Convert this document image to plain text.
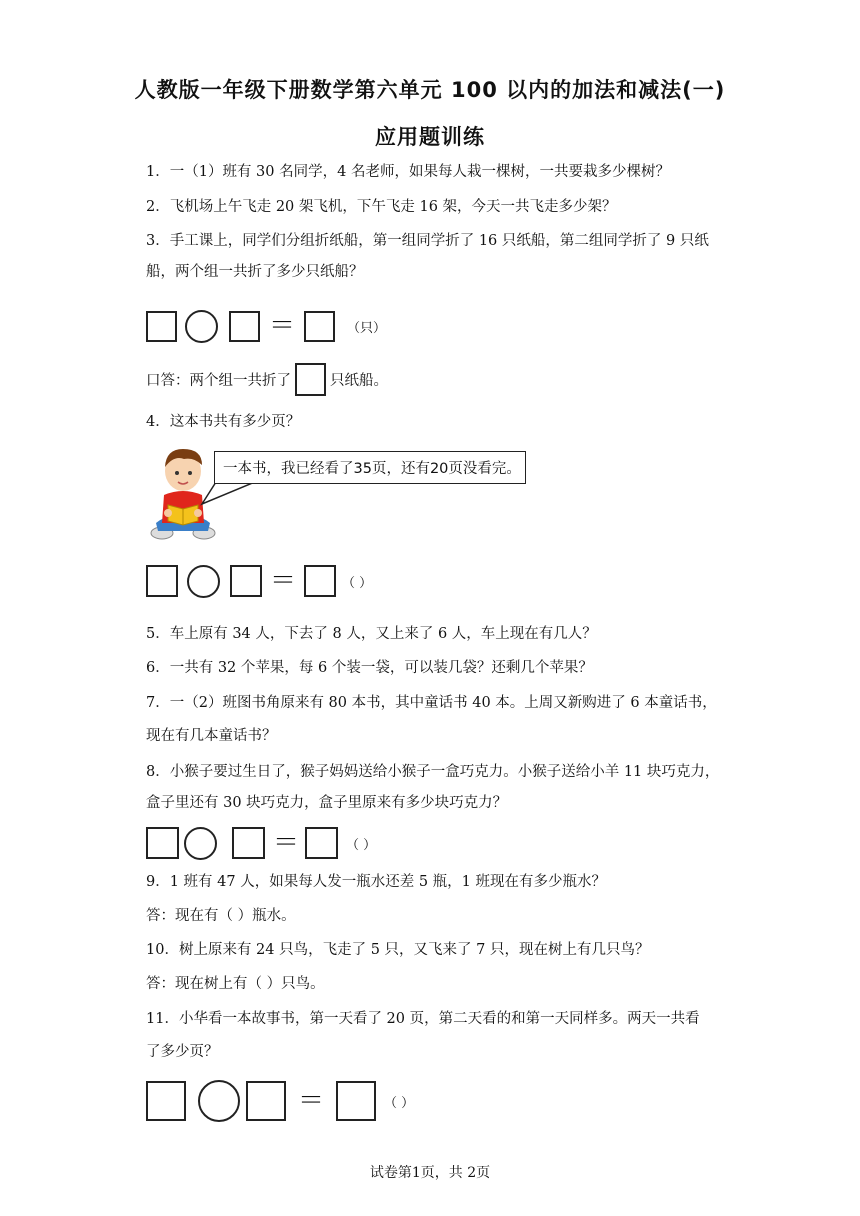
人教版一年级下册数学第六单元 100 以内的加法和减法(一)
应用题训练
1．一（1）班有 30 名同学，4 名老师，如果每人栽一棵树，一共要栽多少棵树？
2．飞机场上午飞走 20 架飞机，下午飞走 16 架，今天一共飞走多少架？
3．手工课上，同学们分组折纸船，第一组同学折了 16 只纸船，第二组同学折了 9 只纸
船，两个组一共折了多少只纸船？
＝	（只）
口答：两个组一共折了	只纸船。
4．这本书共有多少页？
一本书，我已经看了35页，还有20页没看完。
＝	（ ）
5．车上原有 34 人，下去了 8 人，又上来了 6 人，车上现在有几人？
6．一共有 32 个苹果，每 6 个装一袋，可以装几袋？还剩几个苹果？
7．一（2）班图书角原来有 80 本书，其中童话书 40 本。上周又新购进了 6 本童话书，
现在有几本童话书？
8．小猴子要过生日了，猴子妈妈送给小猴子一盒巧克力。小猴子送给小羊 11 块巧克力，
盒子里还有 30 块巧克力，盒子里原来有多少块巧克力？
＝	（ ）
9．1 班有 47 人，如果每人发一瓶水还差 5 瓶，1 班现在有多少瓶水？
答：现在有（ ）瓶水。
10．树上原来有 24 只鸟，飞走了 5 只，又飞来了 7 只，现在树上有几只鸟？
答：现在树上有（ ）只鸟。
11．小华看一本故事书，第一天看了 20 页，第二天看的和第一天同样多。两天一共看
了多少页？
＝	（ ）
试卷第1页，共 2页
